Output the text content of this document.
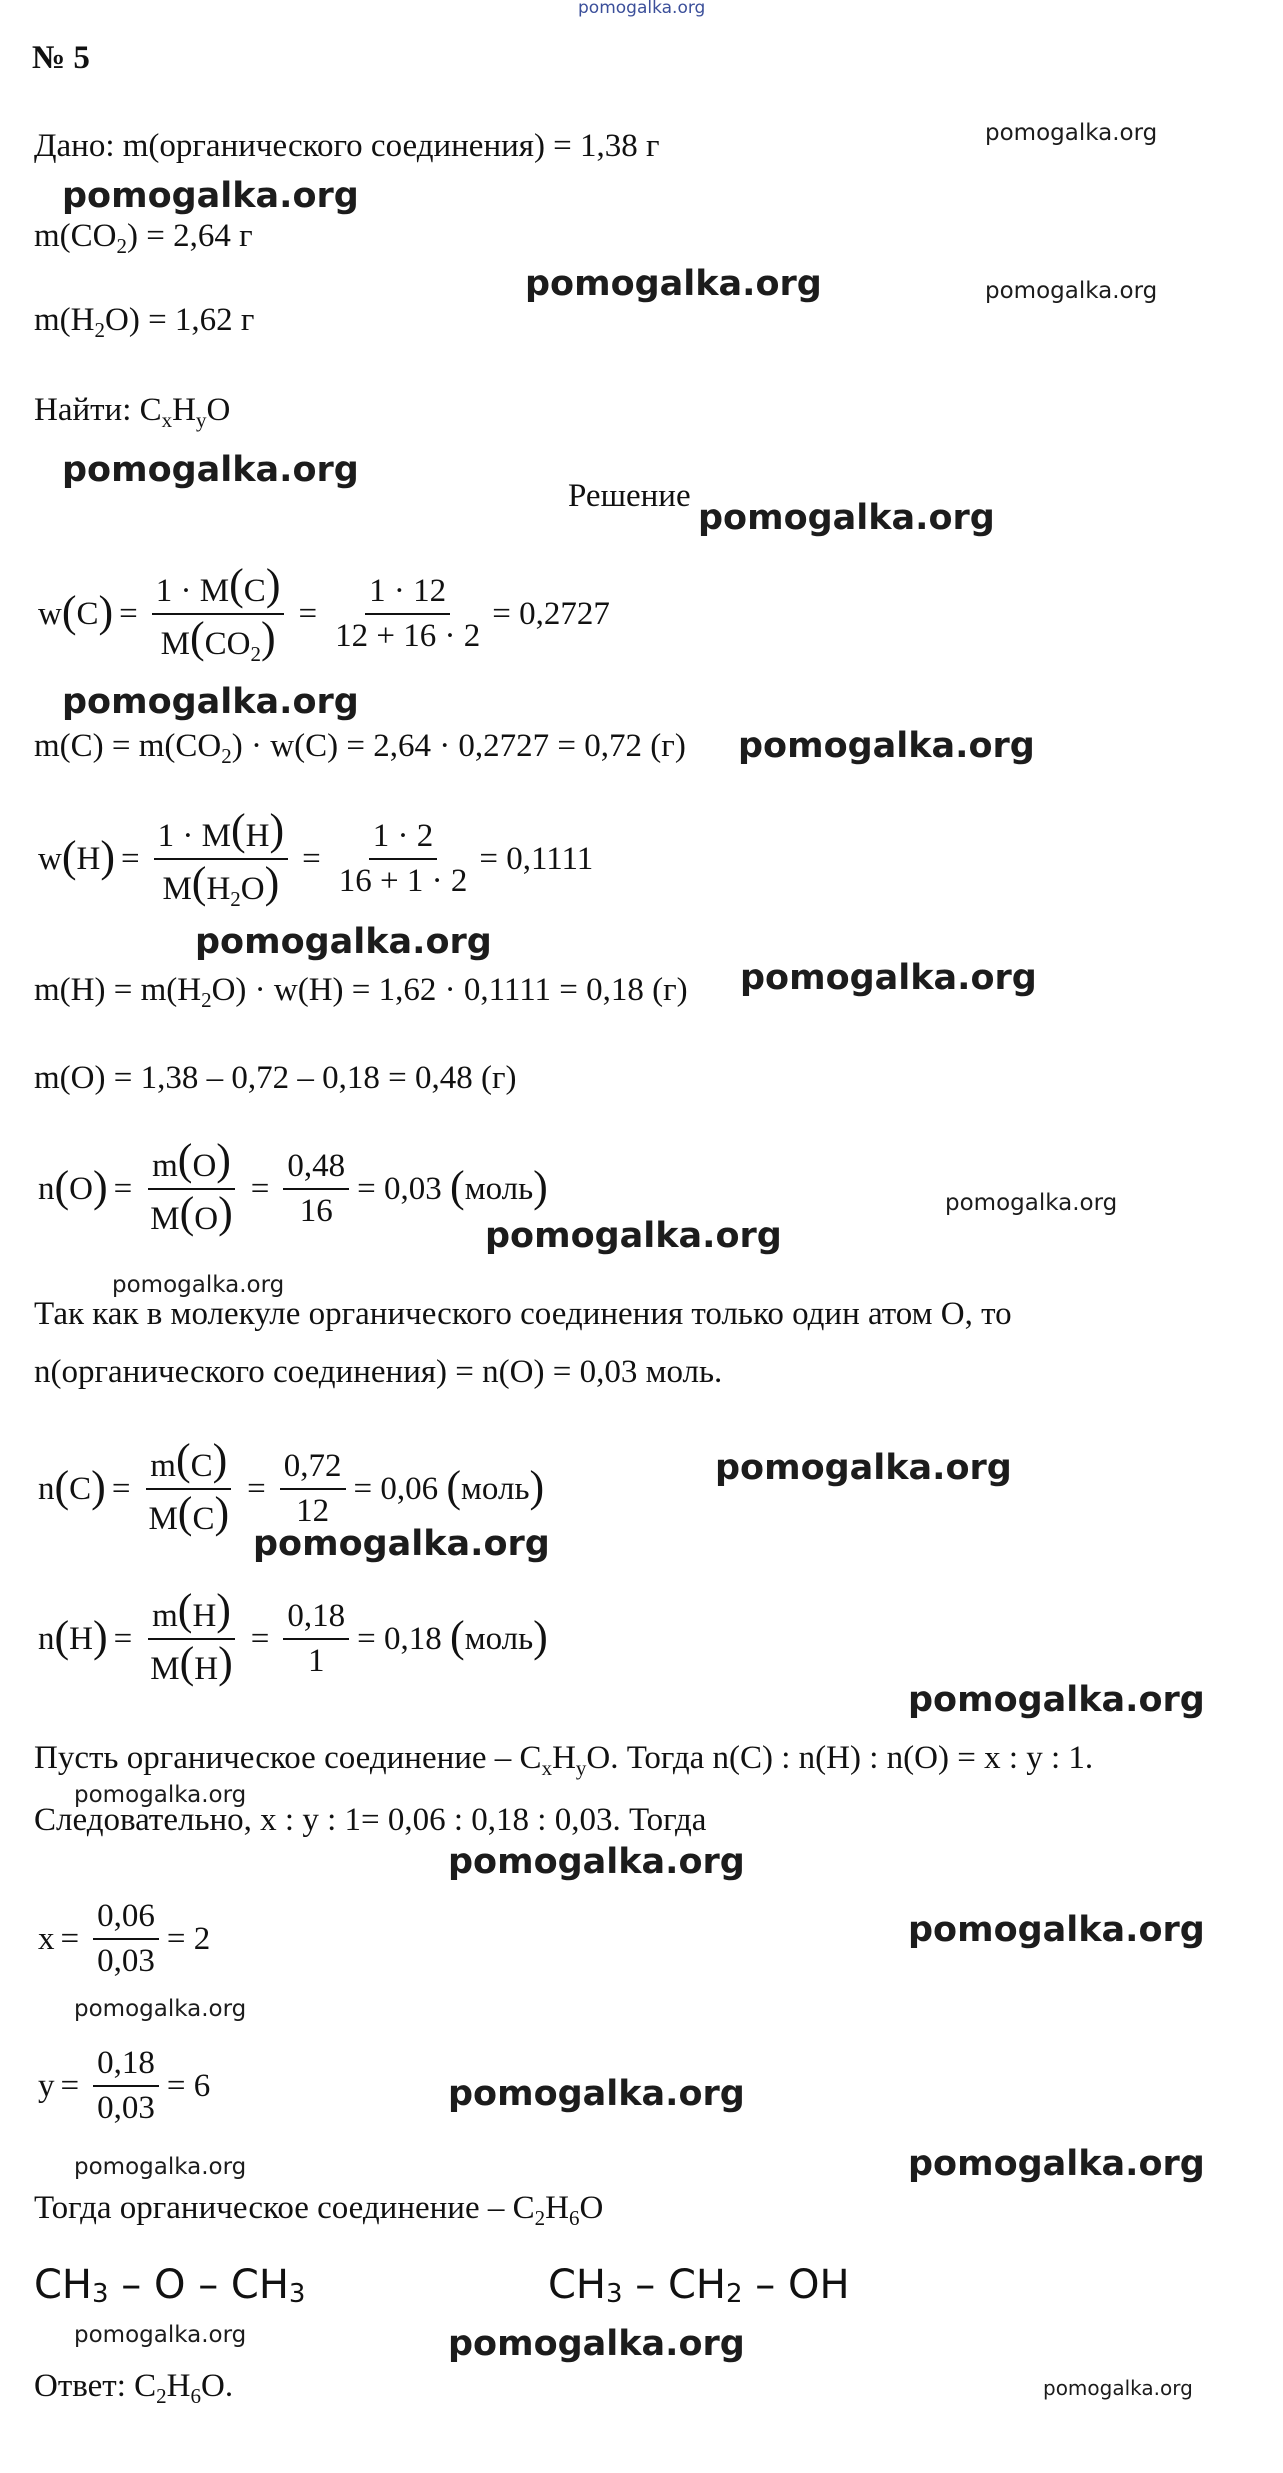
pomogalka.org
№ 5
Дано: m(органического соединения) = 1,38 г
$m(CO_2) = 2,64$ г
$m(H_2O) = 1,62$ г
Найти: $C_xH_yO$
Решение
w ( C ) = $\frac{1 \cdot M(C)}{M(CO_2)} = \frac{1 \cdot 12}{12 + 16 \cdot 2} = 0,2727$
$m(C) = m(CO_2) \cdot w(C) = 2,64 \cdot 0,2727 = 0,72$ (г)
w ( H ) = $\frac{1 \cdot M(H)}{M(H_2O)} = \frac{1 \cdot 2}{16 + 1 \cdot 2} = 0,1111$
$m(H) = m(H_2O) \cdot w(H) = 1,62 \cdot 0,1111 = 0,18$ (г)
m(O) = 1,38 – 0,72 – 0,18 = 0,48 (г)
n ( O ) = $\frac{m(O)}{M(O)} = \frac{0,48}{16} = 0,03$
( моль )
Так как в молекуле органического соединения только один атом О, то
n(органического соединения) = n(O) = 0,03 моль.
n ( C ) = $\frac{m(C)}{M(C)} = \frac{0,72}{12} = 0,06$
( моль )
n ( H ) = $\frac{m(H)}{M(H)} = \frac{0,18}{1} = 0,18$
( моль )
Пусть органическое соединение – $C_xH_yO$. Тогда n(C) : n(H) : n(O) = x : y : 1.
Следовательно, x : y : 1= 0,06 : 0,18 : 0,03. Тогда
$x = \frac{0,06}{0,03} = 2$
$y = \frac{0,18}{0,03} = 6$
Тогда органическое соединение – $C_2H_6O$
$CH_3$ – O – $CH_3$	$CH_3 - CH_2$ – OH
Ответ: $C_2H_6O$.
pomogalka.org
pomogalka.org
pomogalka.org	pomogalka.org
pomogalka.org
pomogalka.org
pomogalka.org
pomogalka.org
pomogalka.org
pomogalka.org
pomogalka.org
pomogalka.org
pomogalka.org
pomogalka.org
pomogalka.org
pomogalka.org
pomogalka.org
pomogalka.org
pomogalka.org
pomogalka.org
pomogalka.org
pomogalka.org	pomogalka.org
pomogalka.org	pomogalka.org
pomogalka.org
